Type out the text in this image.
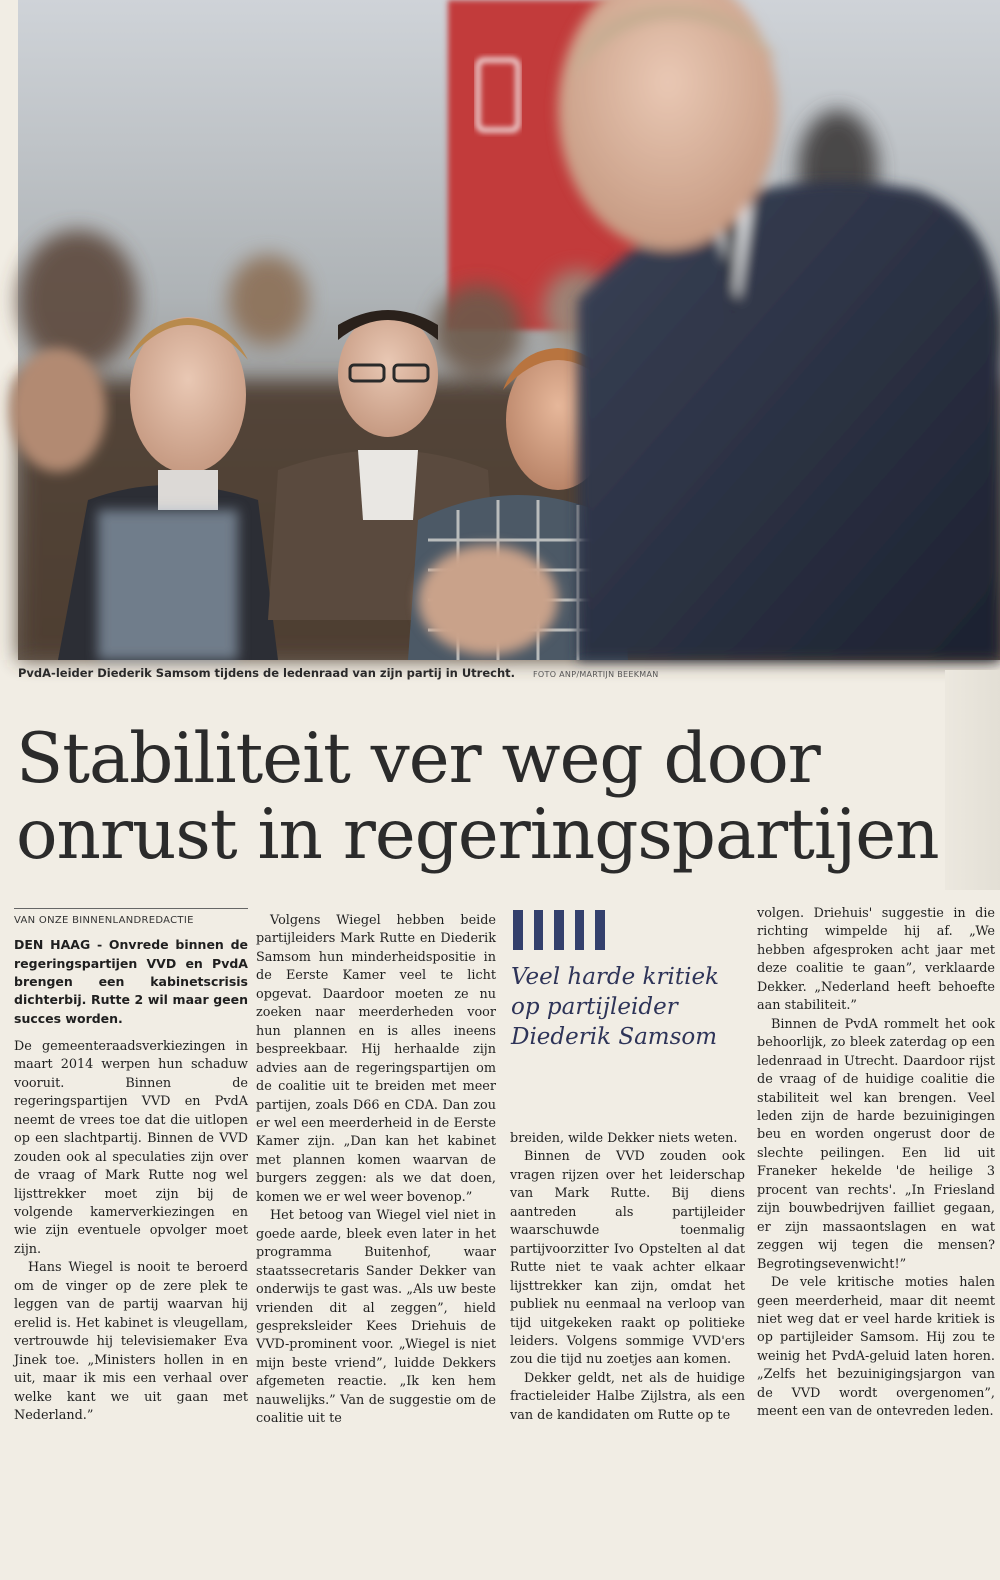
PvdA-leider Diederik Samsom tijdens de ledenraad van zijn partij in Utrecht. FOTO ANP/MARTIJN BEEKMAN
Stabiliteit ver weg door
onrust in regeringspartijen
VAN ONZE BINNENLANDREDACTIE

DEN HAAG - Onvrede binnen de regeringspartijen VVD en PvdA brengen een kabinetscrisis dichterbij. Rutte 2 wil maar geen succes worden.

De gemeenteraadsverkiezingen in maart 2014 werpen hun schaduw vooruit. Binnen de regeringspartijen VVD en PvdA neemt de vrees toe dat die uitlopen op een slachtpartij. Binnen de VVD zouden ook al speculaties zijn over de vraag of Mark Rutte nog wel lijsttrekker moet zijn bij de volgende kamerverkiezingen en wie zijn eventuele opvolger moet zijn.

Hans Wiegel is nooit te beroerd om de vinger op de zere plek te leggen van de partij waarvan hij erelid is. Het kabinet is vleugellam, vertrouwde hij televisiemaker Eva Jinek toe. „Ministers hollen in en uit, maar ik mis een verhaal over welke kant we uit gaan met Nederland.”

Volgens Wiegel hebben beide partijleiders Mark Rutte en Diederik Samsom hun minderheidspositie in de Eerste Kamer veel te licht opgevat. Daardoor moeten ze nu zoeken naar meerderheden voor hun plannen en is alles ineens bespreekbaar. Hij herhaalde zijn advies aan de regeringspartijen om de coalitie uit te breiden met meer partijen, zoals D66 en CDA. Dan zou er wel een meerderheid in de Eerste Kamer zijn. „Dan kan het kabinet met plannen komen waarvan de burgers zeggen: als we dat doen, komen we er wel weer bovenop.”

Het betoog van Wiegel viel niet in goede aarde, bleek even later in het programma Buitenhof, waar staatssecretaris Sander Dekker van onderwijs te gast was. „Als uw beste vrienden dit al zeggen”, hield gespreksleider Kees Driehuis de VVD-prominent voor. „Wiegel is niet mijn beste vriend”, luidde Dekkers afgemeten reactie. „Ik ken hem nauwelijks.” Van de suggestie om de coalitie uit te

Veel harde kritiek op partijleider Diederik Samsom

breiden, wilde Dekker niets weten.

Binnen de VVD zouden ook vragen rijzen over het leiderschap van Mark Rutte. Bij diens aantreden als partijleider waarschuwde toenmalig partijvoorzitter Ivo Opstelten al dat Rutte niet te vaak achter elkaar lijsttrekker kan zijn, omdat het publiek nu eenmaal na verloop van tijd uitgekeken raakt op politieke leiders. Volgens sommige VVD'ers zou die tijd nu zoetjes aan komen.

Dekker geldt, net als de huidige fractieleider Halbe Zijlstra, als een van de kandidaten om Rutte op te

volgen. Driehuis' suggestie in die richting wimpelde hij af. „We hebben afgesproken acht jaar met deze coalitie te gaan”, verklaarde Dekker. „Nederland heeft behoefte aan stabiliteit.”

Binnen de PvdA rommelt het ook behoorlijk, zo bleek zaterdag op een ledenraad in Utrecht. Daardoor rijst de vraag of de huidige coalitie die stabiliteit wel kan brengen. Veel leden zijn de harde bezuinigingen beu en worden ongerust door de slechte peilingen. Een lid uit Franeker hekelde 'de heilige 3 procent van rechts'. „In Friesland zijn bouwbedrijven failliet gegaan, er zijn massaontslagen en wat zeggen wij tegen die mensen? Begrotingsevenwicht!”

De vele kritische moties halen geen meerderheid, maar dit neemt niet weg dat er veel harde kritiek is op partijleider Samsom. Hij zou te weinig het PvdA-geluid laten horen. „Zelfs het bezuinigingsjargon van de VVD wordt overgenomen”, meent een van de ontevreden leden.
